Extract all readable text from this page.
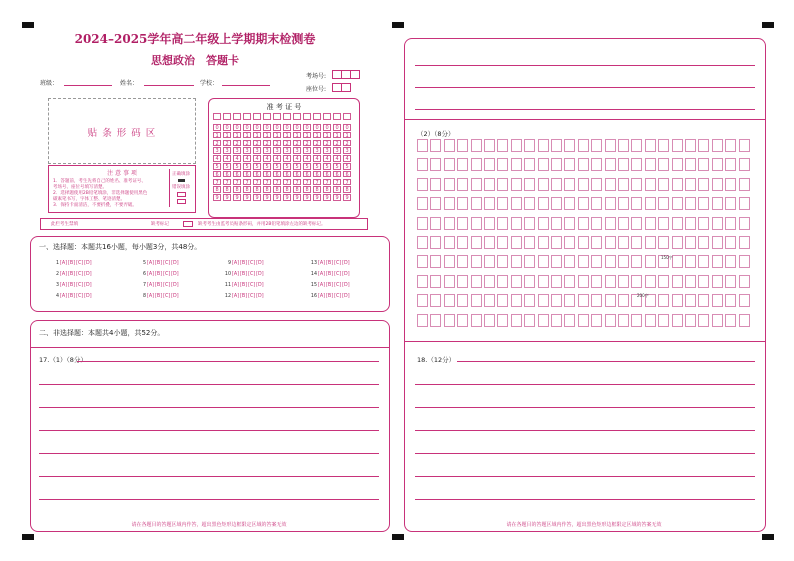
2024–2025学年高二年级上学期期末检测卷
思想政治　答题卡
班级：	姓名：	学校：
考场号:
座位号:
贴 条 形 码 区
注 意 事 项
1．答题前，考生先将自己的姓名、准考证号、
考场号、座位号填写清楚。
2．选择题使用2B铅笔填涂，非选择题使用黑色
碳素笔书写，字体工整、笔迹清楚。
3．保持卡面清洁，不要折叠，不要弄破。
正确填涂
错误填涂
准 考 证 号
0	0	0	0	0	0	0	0	0	0	0	0	0	0
1	1	1	1	1	1	1	1	1	1	1	1	1	1
2	2	2	2	2	2	2	2	2	2	2	2	2	2
3	3	3	3	3	3	3	3	3	3	3	3	3	3
4	4	4	4	4	4	4	4	4	4	4	4	4	4
5	5	5	5	5	5	5	5	5	5	5	5	5	5
6	6	6	6	6	6	6	6	6	6	6	6	6	6
7	7	7	7	7	7	7	7	7	7	7	7	7	7
8	8	8	8	8	8	8	8	8	8	8	8	8	8
9	9	9	9	9	9	9	9	9	9	9	9	9	9
此栏考生禁填	缺考标记	缺考考生由监考员贴条形码，并用2B铅笔填涂左边的缺考标记。
一、选择题：本题共16小题，每小题3分，共48分。
1[A][B][C][D]
2[A][B][C][D]
3[A][B][C][D]
4[A][B][C][D]
5[A][B][C][D]
6[A][B][C][D]
7[A][B][C][D]
8[A][B][C][D]
9[A][B][C][D]
10[A][B][C][D]
11[A][B][C][D]
12[A][B][C][D]
13[A][B][C][D]
14[A][B][C][D]
15[A][B][C][D]
16[A][B][C][D]
二、非选择题：本题共4小题，共52分。
17.（1）（8分）
请在各题目的答题区域内作答，超出黑色矩形边框限定区域的答案无效
（2）（8分）
150字
200字
18.（12分）
请在各题目的答题区域内作答，超出黑色矩形边框限定区域的答案无效
